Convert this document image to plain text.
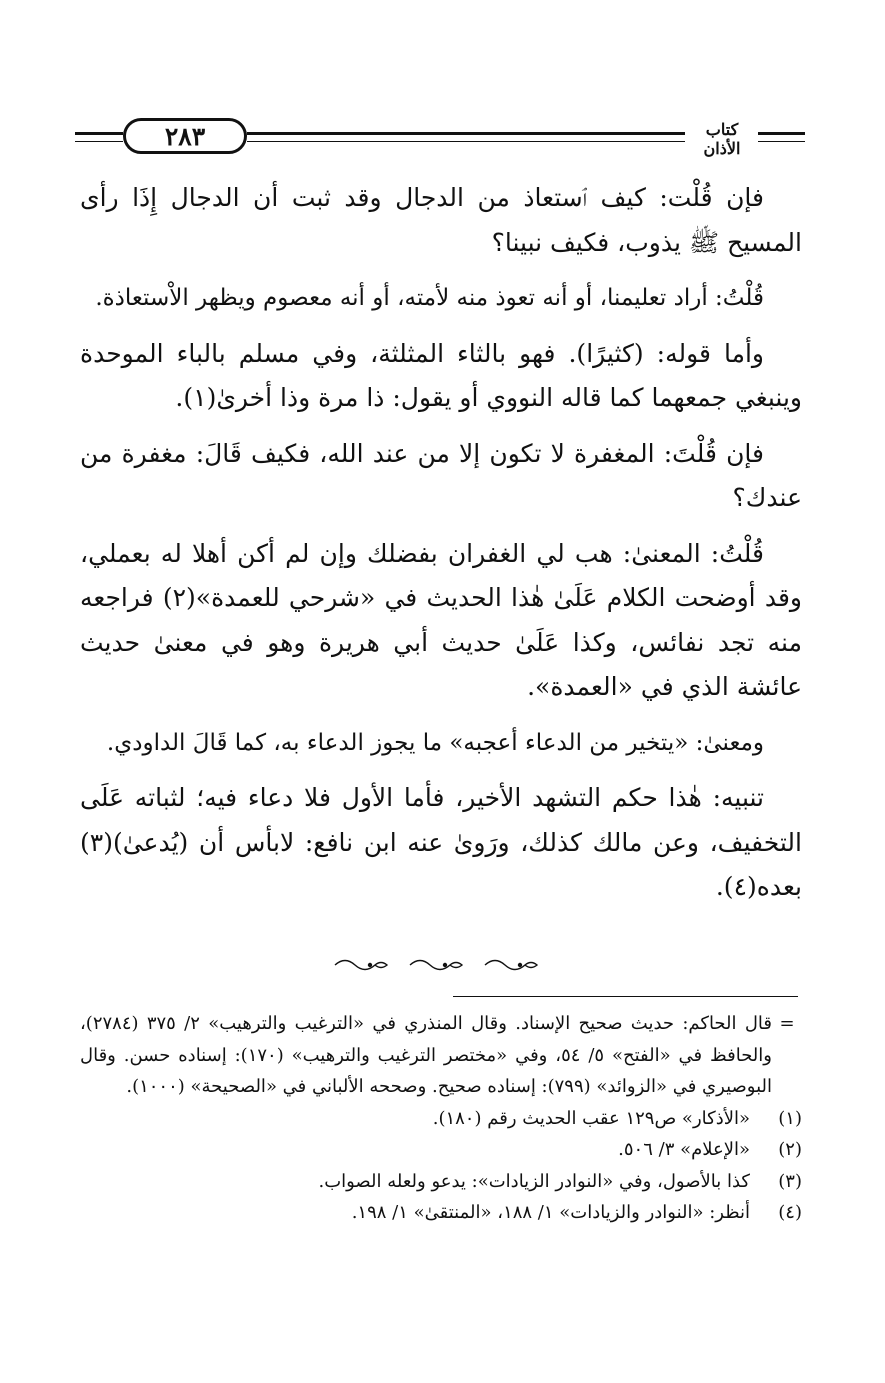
٢٨٣	كتاب الأذان

فإن قُلْت: كيف ٱستعاذ من الدجال وقد ثبت أن الدجال إِذَا رأى المسيح ﷺ يذوب، فكيف نبينا؟

قُلْتُ: أراد تعليمنا، أو أنه تعوذ منه لأمته، أو أنه معصوم ويظهر الاْستعاذة.

وأما قوله: (كثيرًا). فهو بالثاء المثلثة، وفي مسلم بالباء الموحدة وينبغي جمعهما كما قاله النووي أو يقول: ذا مرة وذا أخرىٰ(١).

فإن قُلْتَ: المغفرة لا تكون إلا من عند الله، فكيف قَالَ: مغفرة من عندك؟

قُلْتُ: المعنىٰ: هب لي الغفران بفضلك وإن لم أكن أهلا له بعملي، وقد أوضحت الكلام عَلَىٰ هٰذا الحديث في «شرحي للعمدة»(٢) فراجعه منه تجد نفائس، وكذا عَلَىٰ حديث أبي هريرة وهو في معنىٰ حديث عائشة الذي في «العمدة».

ومعنىٰ: «يتخير من الدعاء أعجبه» ما يجوز الدعاء به، كما قَالَ الداودي.

تنبيه: هٰذا حكم التشهد الأخير، فأما الأول فلا دعاء فيه؛ لثباته عَلَى التخفيف، وعن مالك كذلك، ورَوىٰ عنه ابن نافع: لابأس أن (يُدعىٰ)(٣) بعده(٤).

=
قال الحاكم: حديث صحيح الإسناد. وقال المنذري في «الترغيب والترهيب» ٢/ ٣٧٥ (٢٧٨٤)، والحافظ في «الفتح» ٥/ ٥٤، وفي «مختصر الترغيب والترهيب» (١٧٠): إسناده حسن. وقال البوصيري في «الزوائد» (٧٩٩): إسناده صحيح. وصححه الألباني في «الصحيحة» (١٠٠٠).
(١)
«الأذكار» ص١٢٩ عقب الحديث رقم (١٨٠).
(٢)
«الإعلام» ٣/ ٥٠٦.
(٣)
كذا بالأصول، وفي «النوادر الزيادات»: يدعو ولعله الصواب.
(٤)
أنظر: «النوادر والزيادات» ١/ ١٨٨، «المنتقىٰ» ١/ ١٩٨.
